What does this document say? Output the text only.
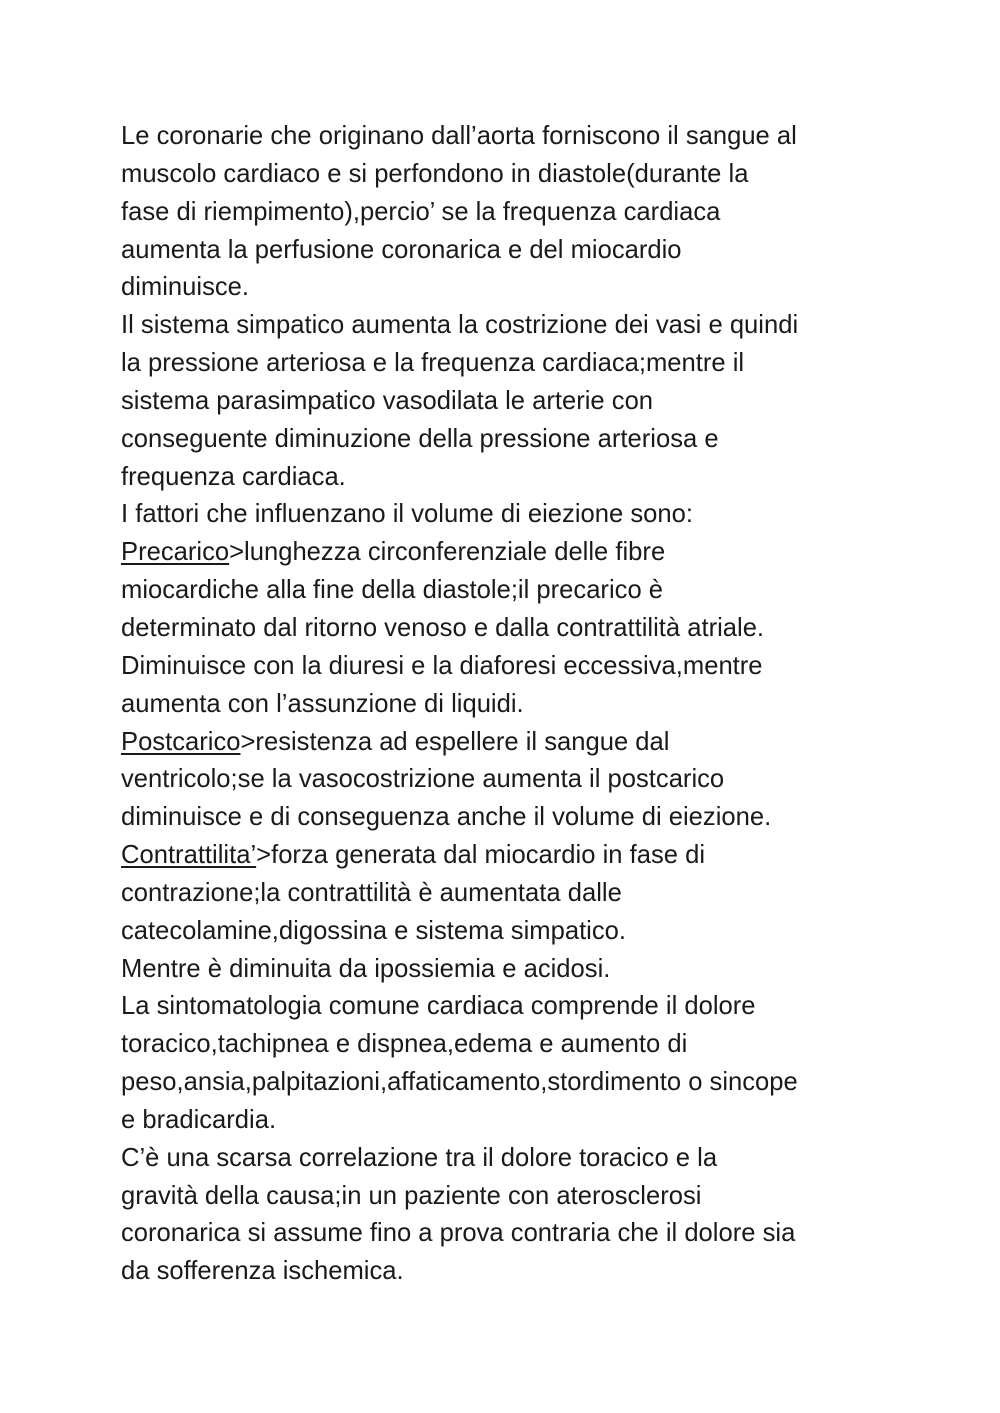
Le coronarie che originano dall’aorta forniscono il sangue al
muscolo cardiaco e si perfondono in diastole(durante la
fase di riempimento),percio’ se la frequenza cardiaca
aumenta la perfusione coronarica e del miocardio
diminuisce.
Il sistema simpatico aumenta la costrizione dei vasi e quindi
la pressione arteriosa e la frequenza cardiaca;mentre il
sistema parasimpatico vasodilata le arterie con
conseguente diminuzione della pressione arteriosa e
frequenza cardiaca.
I fattori che influenzano il volume di eiezione sono:
Precarico>lunghezza circonferenziale delle fibre
miocardiche alla fine della diastole;il precarico è
determinato dal ritorno venoso e dalla contrattilità atriale.
Diminuisce con la diuresi e la diaforesi eccessiva,mentre
aumenta con l’assunzione di liquidi.
Postcarico>resistenza ad espellere il sangue dal
ventricolo;se la vasocostrizione aumenta il postcarico
diminuisce e di conseguenza anche il volume di eiezione.
Contrattilita’>forza generata dal miocardio in fase di
contrazione;la contrattilità è aumentata dalle
catecolamine,digossina e sistema simpatico.
Mentre è diminuita da ipossiemia e acidosi.
La sintomatologia comune cardiaca comprende il dolore
toracico,tachipnea e dispnea,edema e aumento di
peso,ansia,palpitazioni,affaticamento,stordimento o sincope
e bradicardia.
C’è una scarsa correlazione tra il dolore toracico e la
gravità della causa;in un paziente con aterosclerosi
coronarica si assume fino a prova contraria che il dolore sia
da sofferenza ischemica.
